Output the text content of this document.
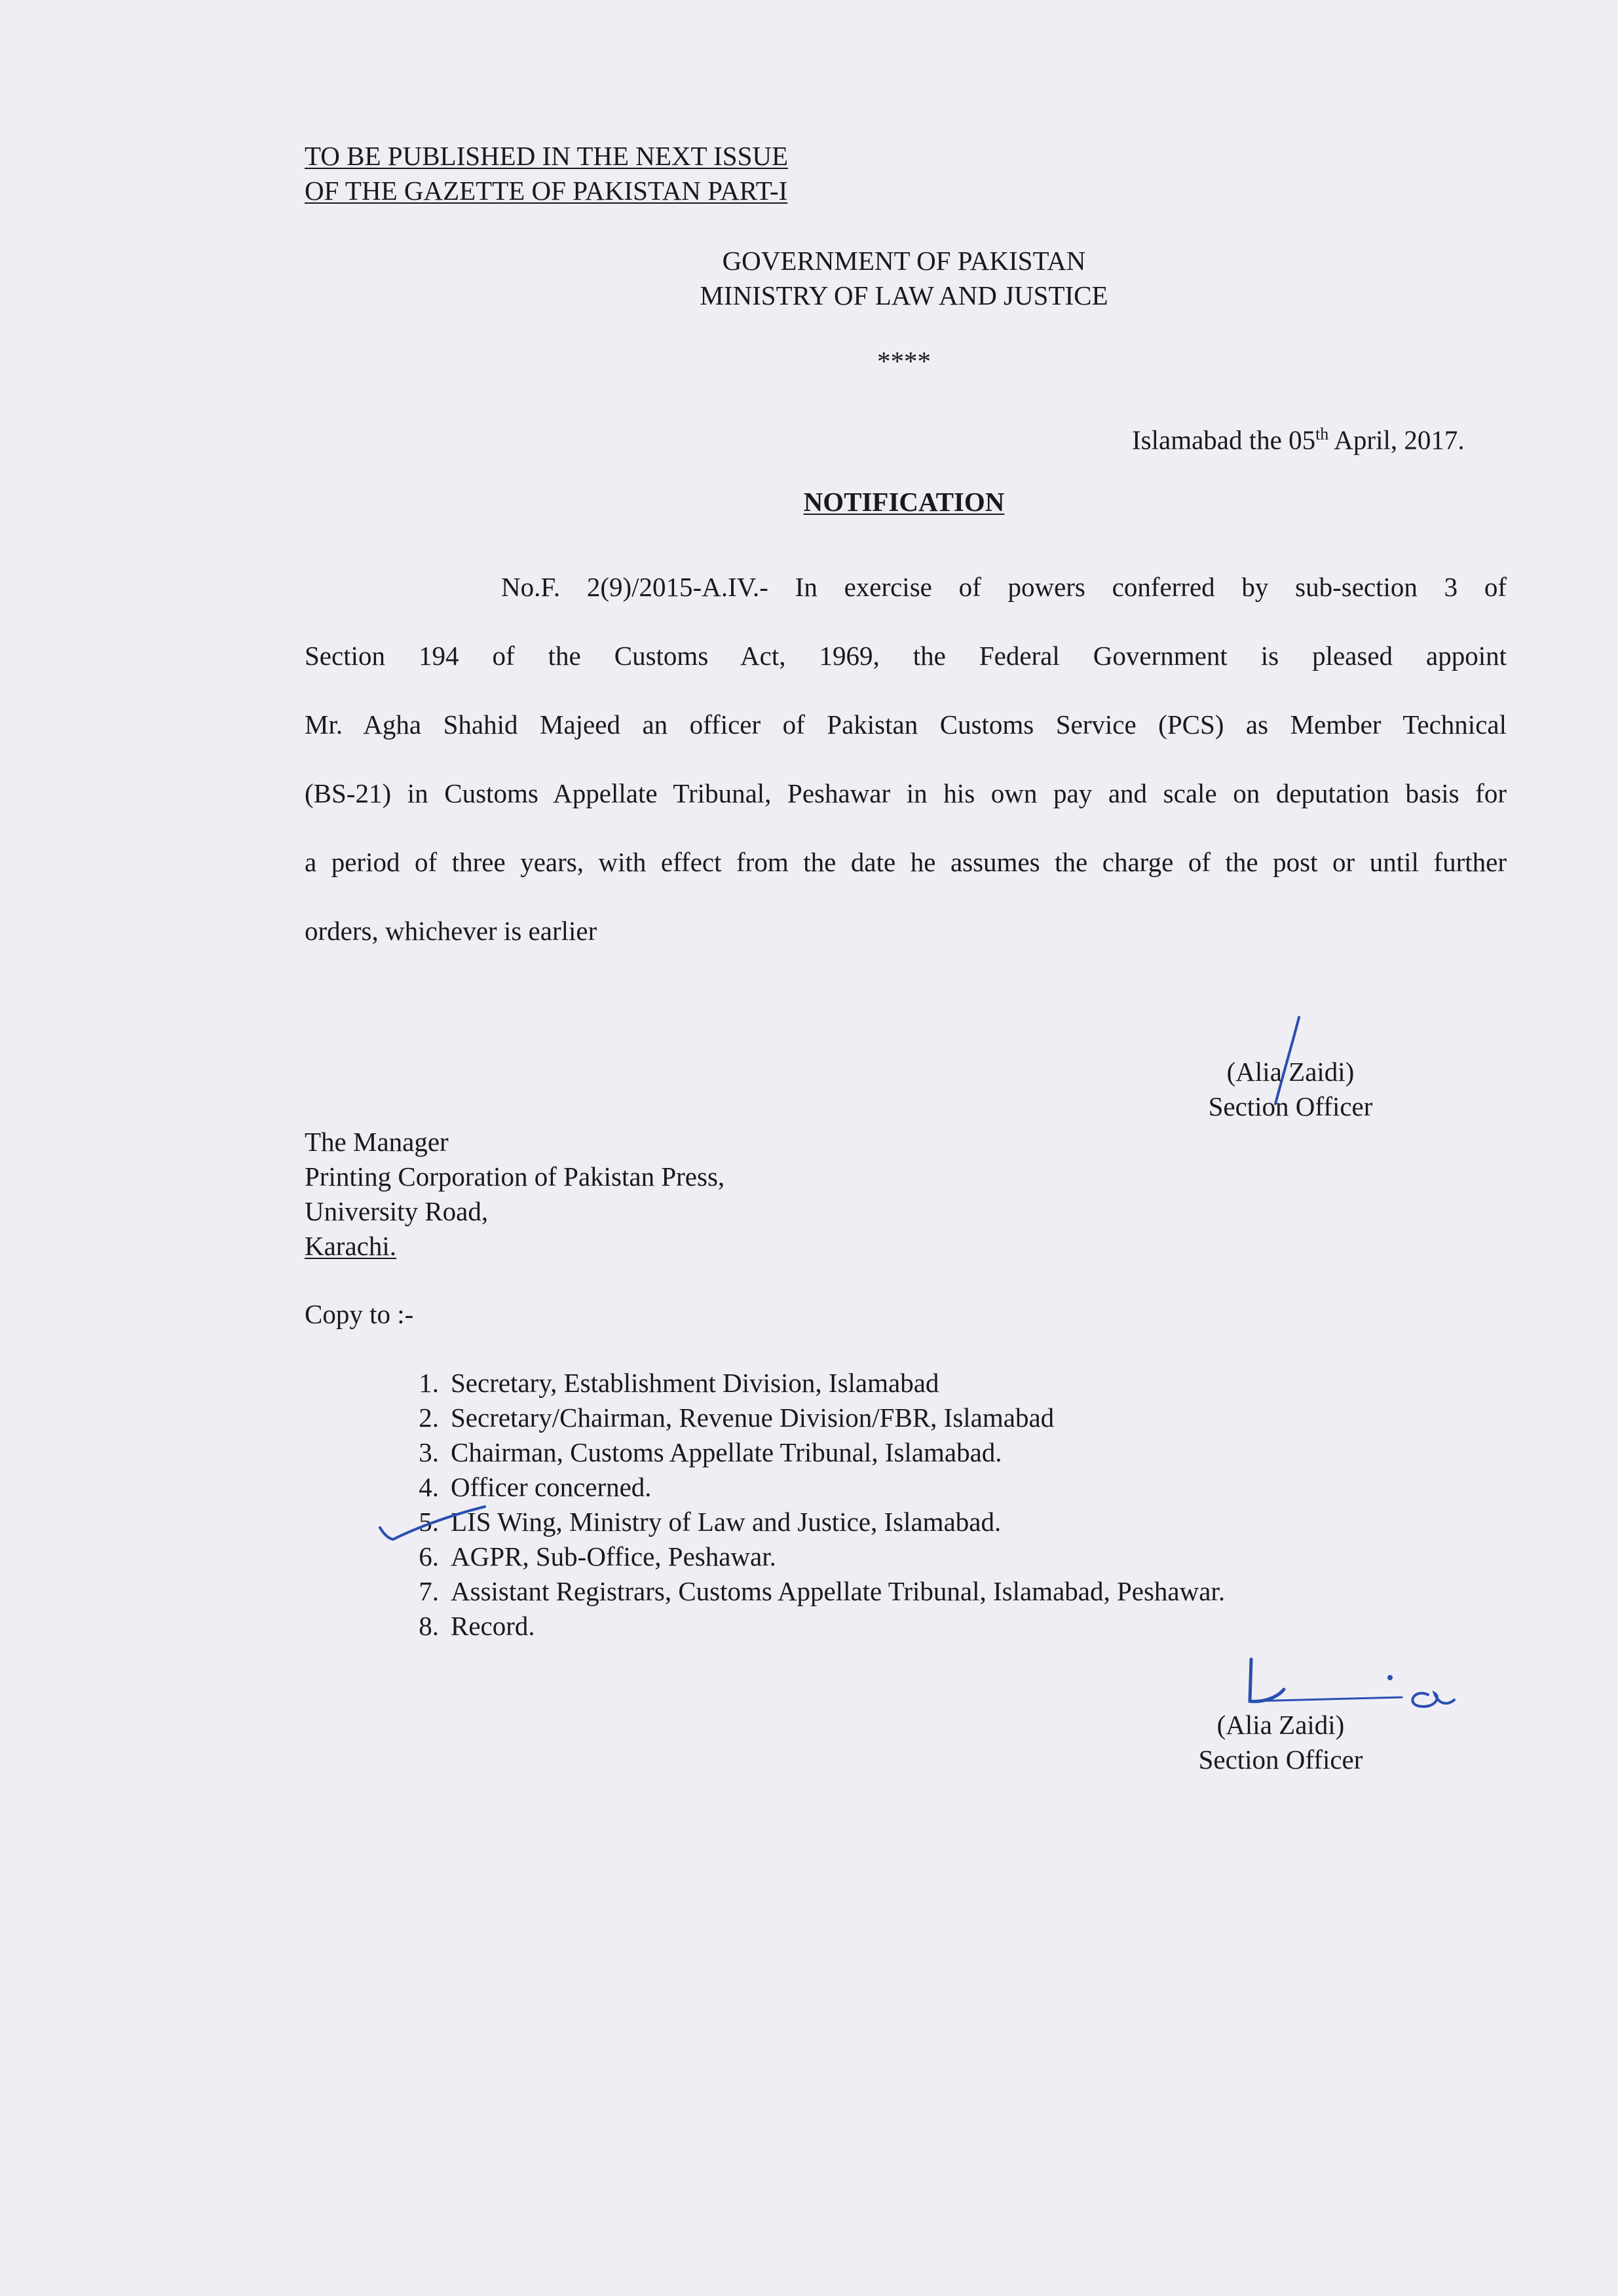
TO BE PUBLISHED IN THE NEXT ISSUE
OF THE GAZETTE OF PAKISTAN PART-I
GOVERNMENT OF PAKISTAN
MINISTRY OF LAW AND JUSTICE
****
Islamabad the 05th April, 2017.
NOTIFICATION
No.F. 2(9)/2015-A.IV.- In exercise of powers conferred by sub-section 3 of
Section 194 of the Customs Act, 1969, the Federal Government is pleased appoint
Mr. Agha Shahid Majeed an officer of Pakistan Customs Service (PCS) as Member Technical
(BS-21) in Customs Appellate Tribunal, Peshawar in his own pay and scale on deputation basis for
a period of three years, with effect from the date he assumes the charge of the post or until further
orders, whichever is earlier
(Alia Zaidi)
Section Officer
The Manager
Printing Corporation of Pakistan Press,
University Road,
Karachi.
Copy to :-
1. Secretary, Establishment Division, Islamabad
2. Secretary/Chairman, Revenue Division/FBR, Islamabad
3. Chairman, Customs Appellate Tribunal, Islamabad.
4. Officer concerned.
5. LIS Wing, Ministry of Law and Justice, Islamabad.
6. AGPR, Sub-Office, Peshawar.
7. Assistant Registrars, Customs Appellate Tribunal, Islamabad, Peshawar.
8. Record.
(Alia Zaidi)
Section Officer
